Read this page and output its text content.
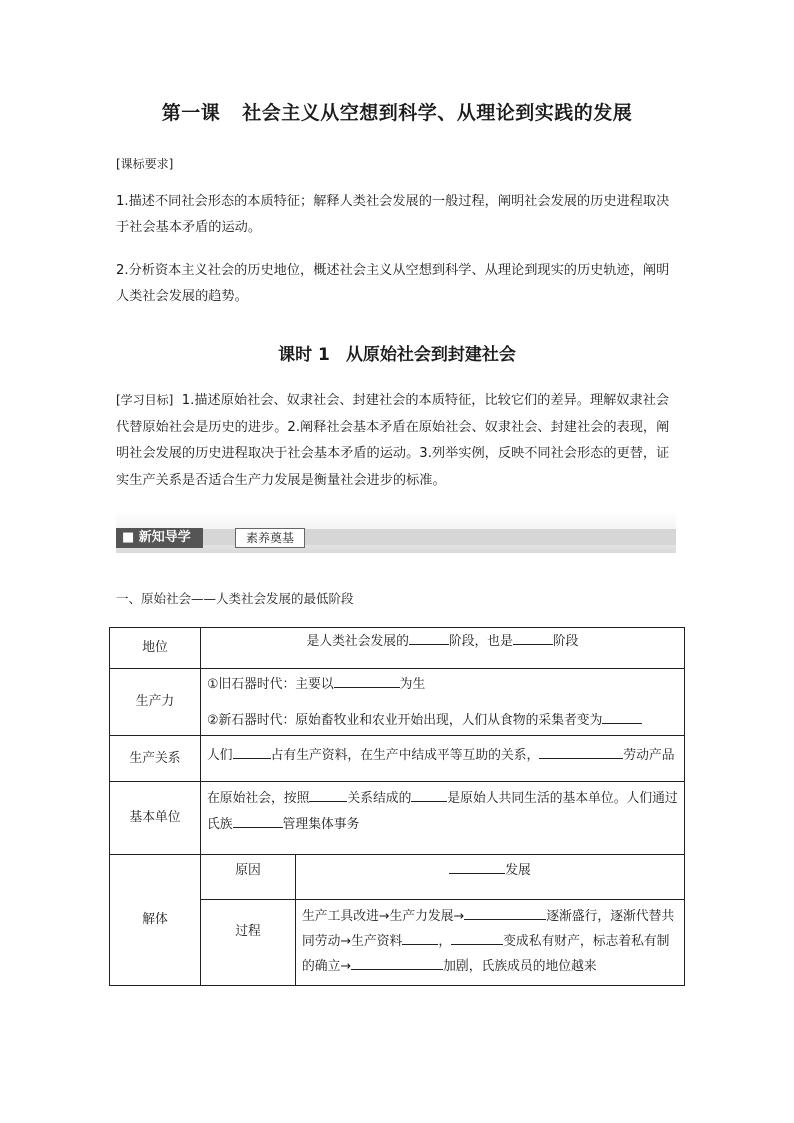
第一课 社会主义从空想到科学、从理论到实践的发展

[课标要求]

1.描述不同社会形态的本质特征；解释人类社会发展的一般过程，阐明社会发展的历史进程取决于社会基本矛盾的运动。

2.分析资本主义社会的历史地位，概述社会主义从空想到科学、从理论到现实的历史轨迹，阐明人类社会发展的趋势。

课时 1 从原始社会到封建社会

[学习目标] 1.描述原始社会、奴隶社会、封建社会的本质特征，比较它们的差异。理解奴隶社会代替原始社会是历史的进步。2.阐释社会基本矛盾在原始社会、奴隶社会、封建社会的表现，阐明社会发展的历史进程取决于社会基本矛盾的运动。3.列举实例，反映不同社会形态的更替，证实生产关系是否适合生产力发展是衡量社会进步的标准。

■ 新知导学	素养奠基
一、原始社会——人类社会发展的最低阶段
地位	是人类社会发展的 阶段，也是 阶段	
生产力	①旧石器时代：主要以 为生
②新石器时代：原始畜牧业和农业开始出现，人们从食物的采集者变为	

生产关系	人们 占有生产资料，在生产中结成平等互助的关系， 劳动产品	
基本单位	在原始社会，按照 关系结成的 是原始人共同生活的基本单位。人们通过氏族 管理集体事务	
解体	原因	发展
	过程	生产工具改进→生产力发展→ 逐渐盛行，逐渐代替共同劳动→生产资料 ， 变成私有财产，标志着私有制的确立→ 加剧，氏族成员的地位越来
